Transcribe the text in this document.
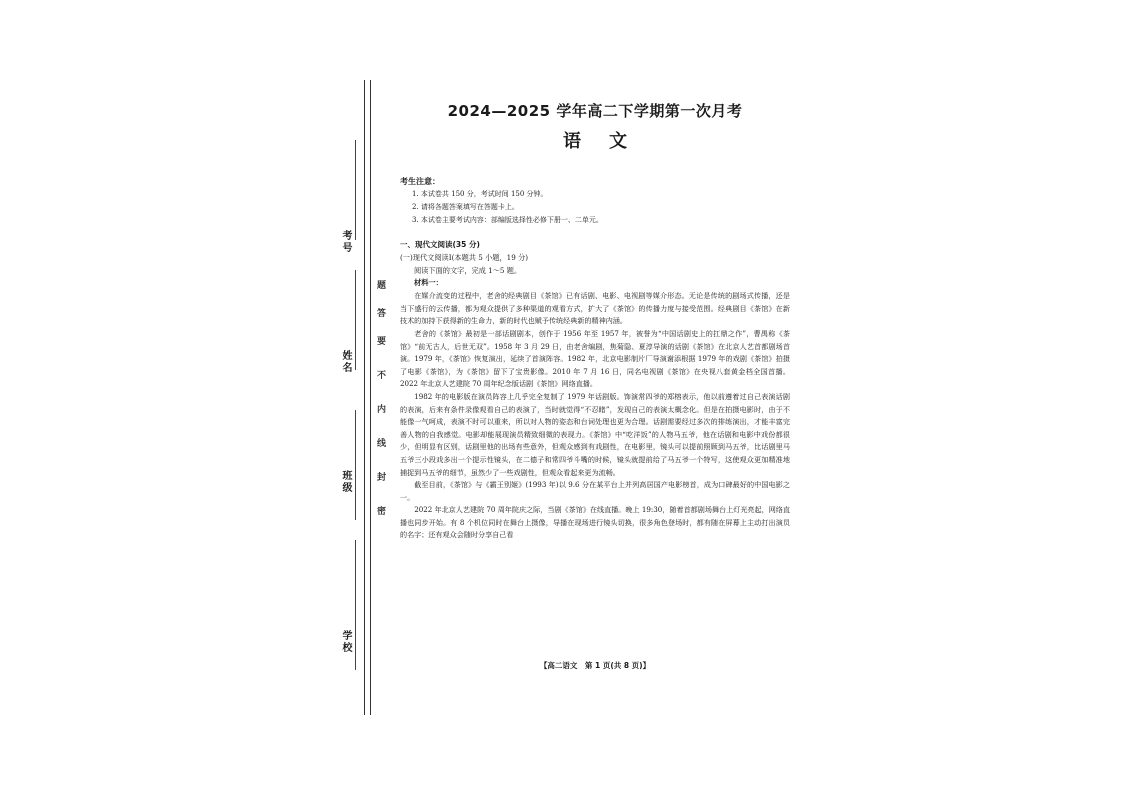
考号
姓名
班级
学校
题
答
要
不
内
线
封
密
2024—2025 学年高二下学期第一次月考
语文
考生注意：
1. 本试卷共 150 分，考试时间 150 分钟。
2. 请将各题答案填写在答题卡上。
3. 本试卷主要考试内容：部编版选择性必修下册一、二单元。
一、现代文阅读(35 分)
(一)现代文阅读Ⅰ(本题共 5 小题，19 分)
阅读下面的文字，完成 1～5 题。
材料一：

在媒介流变的过程中，老舍的经典剧目《茶馆》已有话剧、电影、电视剧等媒介形态。无论是传统的剧场式传播，还是当下盛行的云传播，都为观众提供了多种渠道的观看方式，扩大了《茶馆》的传播力度与接受范围。经典剧目《茶馆》在新技术的加持下获得新的生命力，新的时代也赋予传统经典新的精神内涵。

老舍的《茶馆》最初是一部话剧剧本，创作于 1956 年至 1957 年，被誉为“中国话剧史上的扛鼎之作”，曹禺称《茶馆》“前无古人，后世无双”。1958 年 3 月 29 日，由老舍编剧，焦菊隐、夏淳导演的话剧《茶馆》在北京人艺首都剧场首演。1979 年，《茶馆》恢复演出，延续了首演阵容。1982 年，北京电影制片厂导演谢添根据 1979 年的戏剧《茶馆》拍摄了电影《茶馆》，为《茶馆》留下了宝贵影像。2010 年 7 月 16 日，同名电视剧《茶馆》在央视八套黄金档全国首播。2022 年北京人艺建院 70 周年纪念版话剧《茶馆》网络直播。

1982 年的电影版在演员阵容上几乎完全复制了 1979 年话剧版。饰演常四爷的郑榕表示，他以前遵着过自己表演话剧的表演，后来有条件录像观看自己的表演了，当时就觉得“不忍睹”，发现自己的表演太概念化。但是在拍摄电影时，由于不能像一气呵成，表演不时可以重来，所以对人物的姿态和台词处理也更为合理。话剧需要经过多次的排练演出，才能丰富完善人物的自我感觉。电影却能展现演员精致细微的表现力。《茶馆》中“吃洋饭”的人物马五爷，他在话剧和电影中戏份都很少，但明显有区别，话剧里他的出场有些意外，但观众感到有戏剧性，在电影里，镜头可以提前照顾到马五爷，比话剧里马五爷三小段戏多出一个提示性镜头，在二德子和常四爷斗嘴的时候，镜头就提前给了马五爷一个特写，这使观众更加精准地捕捉到马五爷的细节，虽然少了一些戏剧性，但观众看起来更为流畅。

截至目前，《茶馆》与《霸王别姬》(1993 年)以 9.6 分在某平台上并列高居国产电影榜首，成为口碑最好的中国电影之一。

2022 年北京人艺建院 70 周年院庆之际，当剧《茶馆》在线直播。晚上 19:30，随着首都剧场舞台上灯光亮起，网络直播也同步开始。有 8 个机位同时在舞台上摄像，导播在现场进行镜头切换，很多角色登场时，都有随在屏幕上主动打出演员的名字；还有观众会随时分享自己看

【高二语文　第 1 页(共 8 页)】
